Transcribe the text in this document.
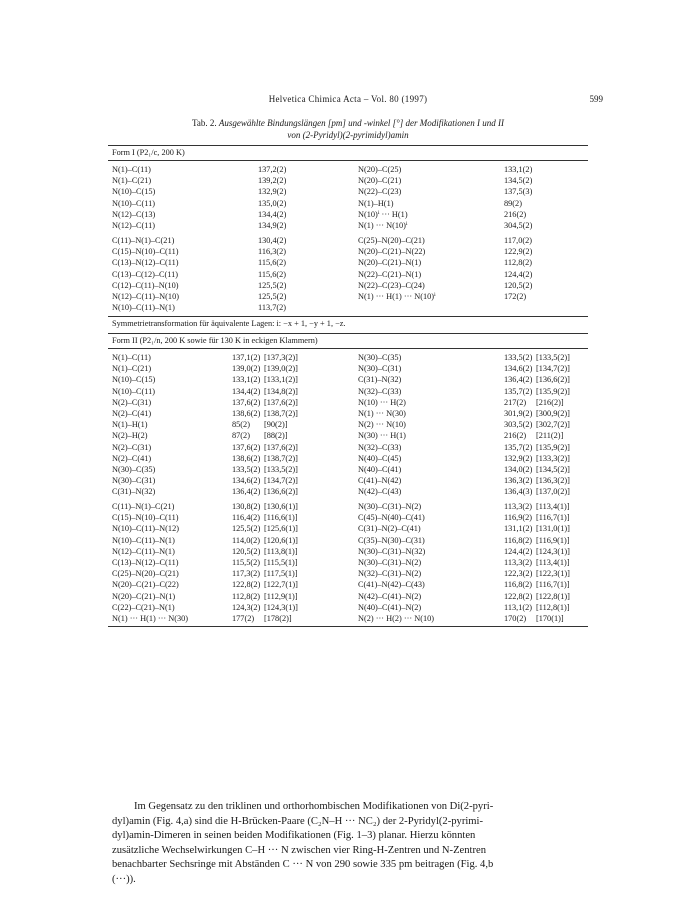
Helvetica Chimica Acta – Vol. 80 (1997)	599
Tab. 2. Ausgewählte Bindungslängen [pm] und -winkel [°] der Modifikationen I und II
von (2-Pyridyl)(2-pyrimidyl)amin
Form I (P2₁/c, 200 K)
N(1)–C(11)	137,2(2)	N(20)–C(25)	133,1(2)
N(1)–C(21)	139,2(2)	N(20)–C(21)	134,5(2)
N(10)–C(15)	132,9(2)	N(22)–C(23)	137,5(3)
N(10)–C(11)	135,0(2)	N(1)–H(1)	89(2)
N(12)–C(13)	134,4(2)	N(10)ⁱ ··· H(1)	216(2)
N(12)–C(11)	134,9(2)	N(1) ··· N(10)ⁱ	304,5(2)
C(11)–N(1)–C(21)	130,4(2)	C(25)–N(20)–C(21)	117,0(2)
C(15)–N(10)–C(11)	116,3(2)	N(20)–C(21)–N(22)	122,9(2)
C(13)–N(12)–C(11)	115,6(2)	N(20)–C(21)–N(1)	112,8(2)
C(13)–C(12)–C(11)	115,6(2)	N(22)–C(21)–N(1)	124,4(2)
C(12)–C(11)–N(10)	125,5(2)	N(22)–C(23)–C(24)	120,5(2)
N(12)–C(11)–N(10)	125,5(2)	N(1) ··· H(1) ··· N(10)ⁱ	172(2)
N(10)–C(11)–N(1)	113,7(2)
Symmetrietransformation für äquivalente Lagen: i: −x + 1, −y + 1, −z.
Form II (P2₁/n, 200 K sowie für 130 K in eckigen Klammern)
N(1)–C(11)	137,1(2) [137,3(2)]	N(30)–C(35)	133,5(2) [133,5(2)]
N(1)–C(21)	139,0(2) [139,0(2)]	N(30)–C(31)	134,6(2) [134,7(2)]
N(10)–C(15)	133,1(2) [133,1(2)]	C(31)–N(32)	136,4(2) [136,6(2)]
N(10)–C(11)	134,4(2) [134,8(2)]	N(32)–C(33)	135,7(2) [135,9(2)]
N(2)–C(31)	137,6(2) [137,6(2)]	N(10) ··· H(2)	217(2) [216(2)]
N(2)–C(41)	138,6(2) [138,7(2)]	N(1) ··· N(30)	301,9(2) [300,9(2)]
N(1)–H(1)	85(2) [90(2)]	N(2) ··· N(10)	303,5(2) [302,7(2)]
N(2)–H(2)	87(2) [88(2)]	N(30) ··· H(1)	216(2) [211(2)]
N(2)–C(31)	137,6(2) [137,6(2)]	N(32)–C(33)	135,7(2) [135,9(2)]
N(2)–C(41)	138,6(2) [138,7(2)]	N(40)–C(45)	132,9(2) [133,3(2)]
N(30)–C(35)	133,5(2) [133,5(2)]	N(40)–C(41)	134,0(2) [134,5(2)]
N(30)–C(31)	134,6(2) [134,7(2)]	C(41)–N(42)	136,3(2) [136,3(2)]
C(31)–N(32)	136,4(2) [136,6(2)]	N(42)–C(43)	136,4(3) [137,0(2)]
C(11)–N(1)–C(21)	130,8(2) [130,6(1)]	N(30)–C(31)–N(2)	113,3(2) [113,4(1)]
C(15)–N(10)–C(11)	116,4(2) [116,6(1)]	C(45)–N(40)–C(41)	116,9(2) [116,7(1)]
N(10)–C(11)–N(12)	125,5(2) [125,6(1)]	C(31)–N(2)–C(41)	131,1(2) [131,0(1)]
N(10)–C(11)–N(1)	114,0(2) [120,6(1)]	C(35)–N(30)–C(31)	116,8(2) [116,9(1)]
N(12)–C(11)–N(1)	120,5(2) [113,8(1)]	N(30)–C(31)–N(32)	124,4(2) [124,3(1)]
C(13)–N(12)–C(11)	115,5(2) [115,5(1)]	N(30)–C(31)–N(2)	113,3(2) [113,4(1)]
C(25)–N(20)–C(21)	117,3(2) [117,5(1)]	N(32)–C(31)–N(2)	122,3(2) [122,3(1)]
N(20)–C(21)–C(22)	122,8(2) [122,7(1)]	C(41)–N(42)–C(43)	116,8(2) [116,7(1)]
N(20)–C(21)–N(1)	112,8(2) [112,9(1)]	N(42)–C(41)–N(2)	122,8(2) [122,8(1)]
C(22)–C(21)–N(1)	124,3(2) [124,3(1)]	N(40)–C(41)–N(2)	113,1(2) [112,8(1)]
N(1) ··· H(1) ··· N(30)	177(2) [178(2)]	N(2) ··· H(2) ··· N(10)	170(2) [170(1)]
Im Gegensatz zu den triklinen und orthorhombischen Modifikationen von Di(2-pyri-
dyl)amin (Fig. 4,a) sind die H-Brücken-Paare (C₂N–H ··· NC₂) der 2-Pyridyl(2-pyrimi-
dyl)amin-Dimeren in seinen beiden Modifikationen (Fig. 1–3) planar. Hierzu könnten
zusätzliche Wechselwirkungen C–H ··· N zwischen vier Ring-H-Zentren und N-Zentren
benachbarter Sechsringe mit Abständen C ··· N von 290 sowie 335 pm beitragen (Fig. 4,b
(···)).
